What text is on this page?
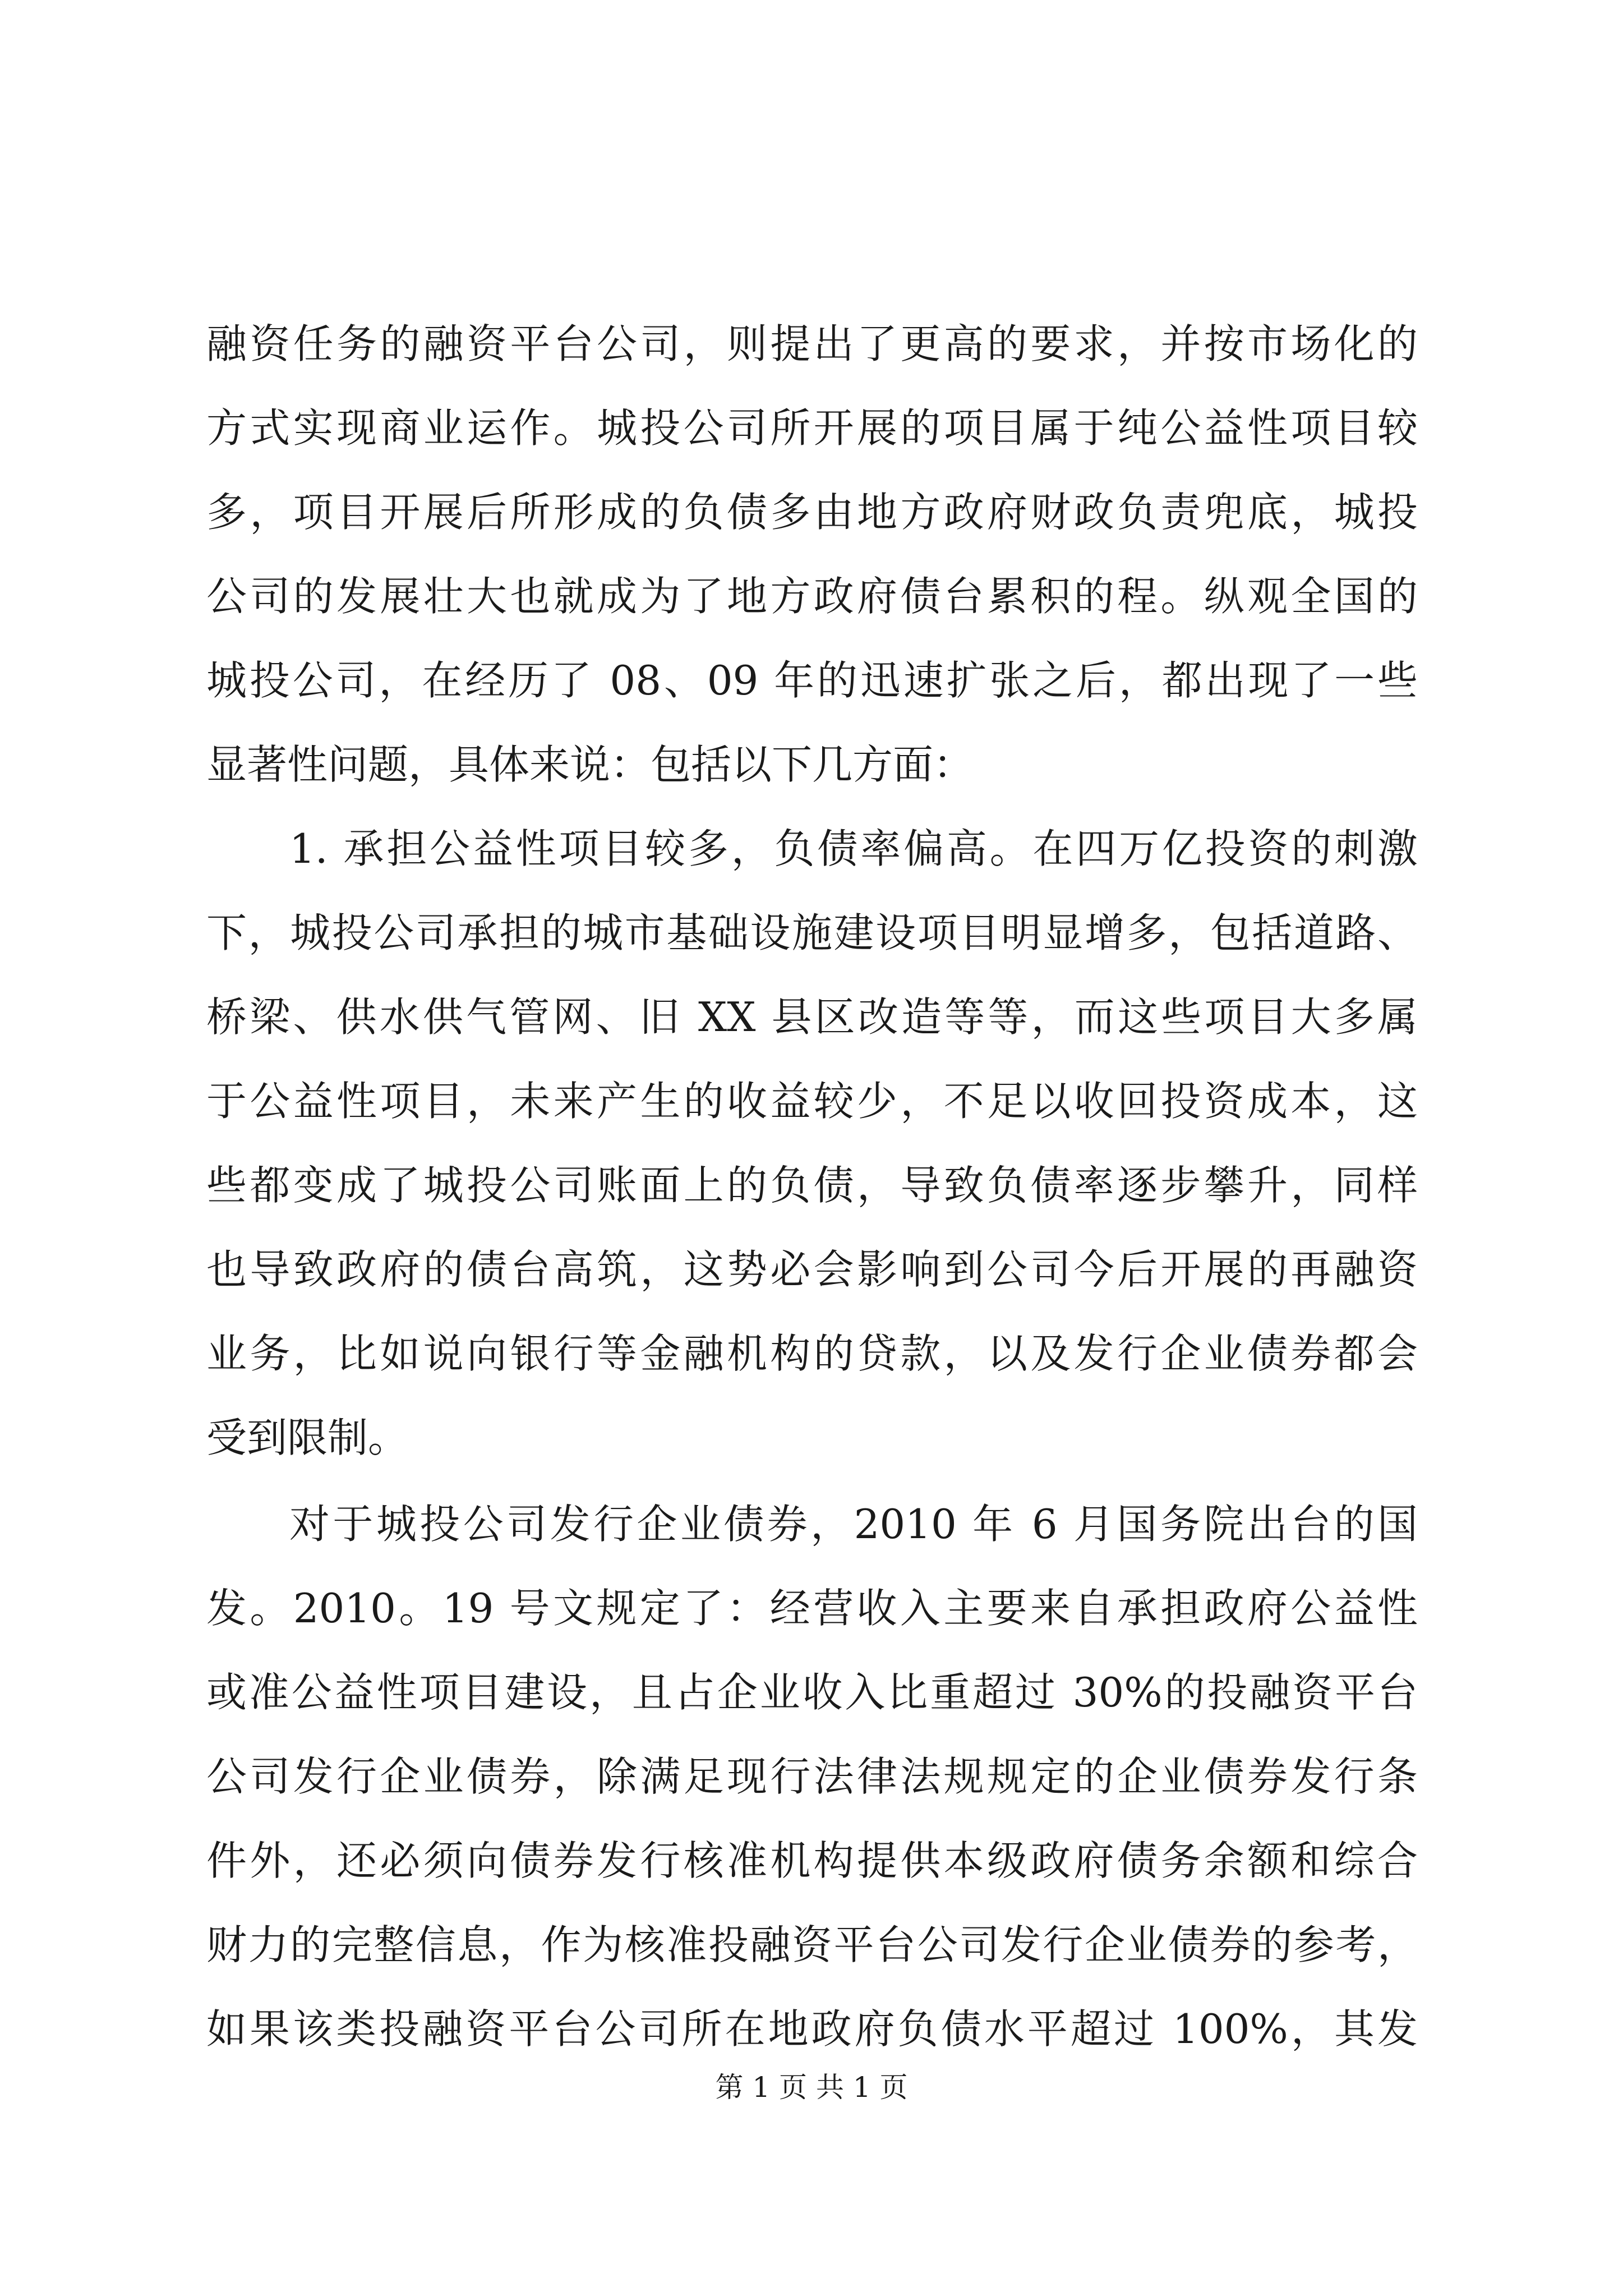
融资任务的融资平台公司，则提出了更高的要求，并按市场化的
方式实现商业运作。城投公司所开展的项目属于纯公益性项目较
多，项目开展后所形成的负债多由地方政府财政负责兜底，城投
公司的发展壮大也就成为了地方政府债台累积的程。纵观全国的
城投公司，在经历了 08、09 年的迅速扩张之后，都出现了一些
显著性问题，具体来说：包括以下几方面：
1. 承担公益性项目较多，负债率偏高。在四万亿投资的刺激
下，城投公司承担的城市基础设施建设项目明显增多，包括道路、
桥梁、供水供气管网、旧 XX 县区改造等等，而这些项目大多属
于公益性项目，未来产生的收益较少，不足以收回投资成本，这
些都变成了城投公司账面上的负债，导致负债率逐步攀升，同样
也导致政府的债台高筑，这势必会影响到公司今后开展的再融资
业务，比如说向银行等金融机构的贷款，以及发行企业债券都会
受到限制。
对于城投公司发行企业债券，2010 年 6 月国务院出台的国
发。2010。19 号文规定了：经营收入主要来自承担政府公益性
或准公益性项目建设，且占企业收入比重超过 30%的投融资平台
公司发行企业债券，除满足现行法律法规规定的企业债券发行条
件外，还必须向债券发行核准机构提供本级政府债务余额和综合
财力的完整信息，作为核准投融资平台公司发行企业债券的参考，
如果该类投融资平台公司所在地政府负债水平超过 100%，其发
第 1 页 共 1 页
